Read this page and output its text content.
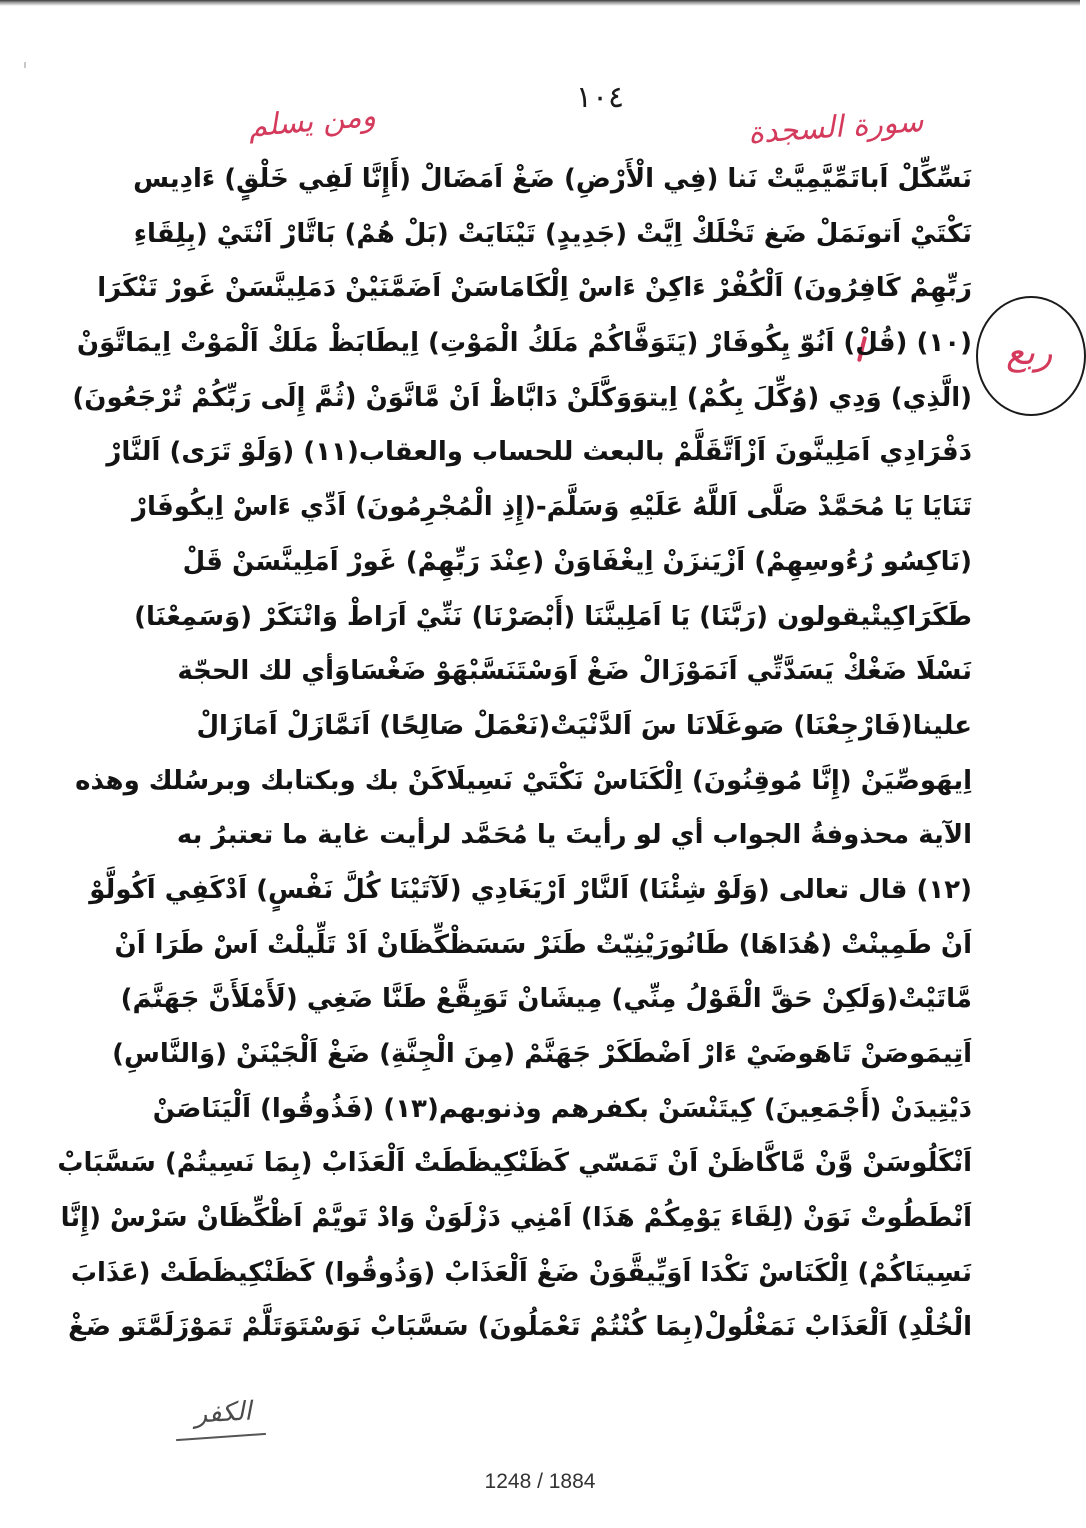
١٠٤
سورة السجدة
ومن يسلم
ربع
نَسِّكِّلْ اَباتَمِّيَّمِيَّتْ نَنا (فِي الْأَرْضِ) ضَغْ اَمَضَالْ (أَإِنَّا لَفِي خَلْقٍ) ءَادِيس
نَكْتَيْ اَتونَمَلْ ضَغ تَخْلَكْ اِيَّتْ (جَدِيدٍ) تَيْنَايَتْ (بَلْ هُمْ) بَاتَّارْ اَنْتَيْ (بِلِقَاءِ
رَبِّهِمْ كَافِرُونَ) اَلْكُفْرْ ءَاكِنْ ءَاسْ اِلْكَامَاسَنْ اَضَمَّنَيْنْ دَمَلِينَّسَنْ غَورْ تَنْكَرَا
(١٠) (قُلْ) اَنُوّ يِكُوفَارْ (يَتَوَفَّاكُمْ مَلَكُ الْمَوْتِ) اِيطَابَظْ مَلَكْ اَلْمَوْتْ اِيمَاتَّوَنْ
(الَّذِي) وَدِي (وُكِّلَ بِكُمْ) اِيتوَوَكَّلَنْ دَابَّاظْ اَنْ مَّانَّوَنْ (ثُمَّ إِلَى رَبِّكُمْ تُرْجَعُونَ)
دَفْرَادِي اَمَلِينَّونَ اَزْاَتَّقَلَّمْ بالبعث للحساب والعقاب(١١) (وَلَوْ تَرَى) اَلنَّارْ
تَنَايَا يَا مُحَمَّدْ صَلَّى اَللَّهُ عَلَيْهِ وَسَلَّمَ-(إِذِ الْمُجْرِمُونَ) اَدِّي ءَاسْ اِيكُوفَارْ
(نَاكِسُو رُءُوسِهِمْ) اَزْيَنزَنْ اِيغْفَاوَنْ (عِنْدَ رَبِّهِمْ) غَورْ اَمَلِينَّسَنْ قَلْ
طَكَرَاكِيتْيقولون (رَبَّنَا) يَا اَمَلِينَّنَا (أَبْصَرْنَا) نَنِّيْ اَرَاطْ وَانْنَكَرْ (وَسَمِعْنَا)
نَسْلَا ضَغْكْ يَسَدَّتِّي اَنَمَوْزَالْ ضَغْ اَوَسْتَنَسَّبْهَوْ ضَغْسَاوَأي لك الحجّة
علينا(فَارْجِعْنَا) صَوغَلَانَا سَ اَلدَّنْيَتْ(نَعْمَلْ صَالِحًا) اَنَمَّازَلْ اَمَازَالْ
اِيهَوصِّيَنْ (إِنَّا مُوقِنُونَ) اِلْكَنَاسْ نَكْتَيْ نَسِيلَاكَنْ بك وبكتابك وبرسُلك وهذه
الآية محذوفةُ الجواب أي لو رأيتَ يا مُحَمَّد لرأيت غاية ما تعتبرُ به
(١٢) قال تعالى (وَلَوْ شِئْنَا) اَلنَّارْ اَرْيَغَادِي (لَآتَيْنَا كُلَّ نَفْسٍ) اَدْكَفِي اَكُولَّوْ
اَنْ طَمِينْتْ (هُدَاهَا) طَانُورَيْنِيّتْ طَنَرْ سَسَظْكِّظَانْ اَدْ تَلِّيلْتْ اَسْ طَرَا اَنْ
مَّاتَيْتْ(وَلَكِنْ حَقَّ الْقَوْلُ مِنِّي) مِيشَانْ تَوَيِقَّعْ طَنَّا ضَغِي (لَأَمْلَأَنَّ جَهَنَّمَ)
اَتِيمَوصَنْ تَاهَوضَيْ ءَارْ اَضْطَكَرْ جَهَنَّمْ (مِنَ الْجِنَّةِ) ضَغْ اَلْجَيْنَنْ (وَالنَّاسِ)
دَيْتِيدَنْ (أَجْمَعِينَ) كِيتَنْسَنْ بكفرهم وذنوبهم(١٣) (فَذُوقُوا) اَلْيَنَاصَنْ
اَنْكَلُوسَنْ وَّنْ مَّاكَّاظَنْ اَنْ تَمَسّي كَظَنْكِيظَطَتْ اَلْعَذَابْ (بِمَا نَسِيتُمْ) سَسَّبَابْ
اَنْطَطُوتْ نَوَنْ (لِقَاءَ يَوْمِكُمْ هَذَا) اَمْنِي دَزْلَوَنْ وَادْ تَويَّمْ اَظْكِّظَانْ سَرْسْ (إِنَّا
نَسِينَاكُمْ) اِلْكَنَاسْ نَكْدَا اَوَيِّيقَّوَنْ ضَغْ اَلْعَذَابْ (وَذُوقُوا) كَظَنْكِيظَطَتْ (عَذَابَ
الْخُلْدِ) اَلْعَذَابْ نَمَغْلُولْ(بِمَا كُنْتُمْ تَعْمَلُونَ) سَسَّبَابْ نَوَسْتَوَتَلَّمْ تَمَوْزَلَمَّتَو ضَغْ
الكفر
1248 / 1884
